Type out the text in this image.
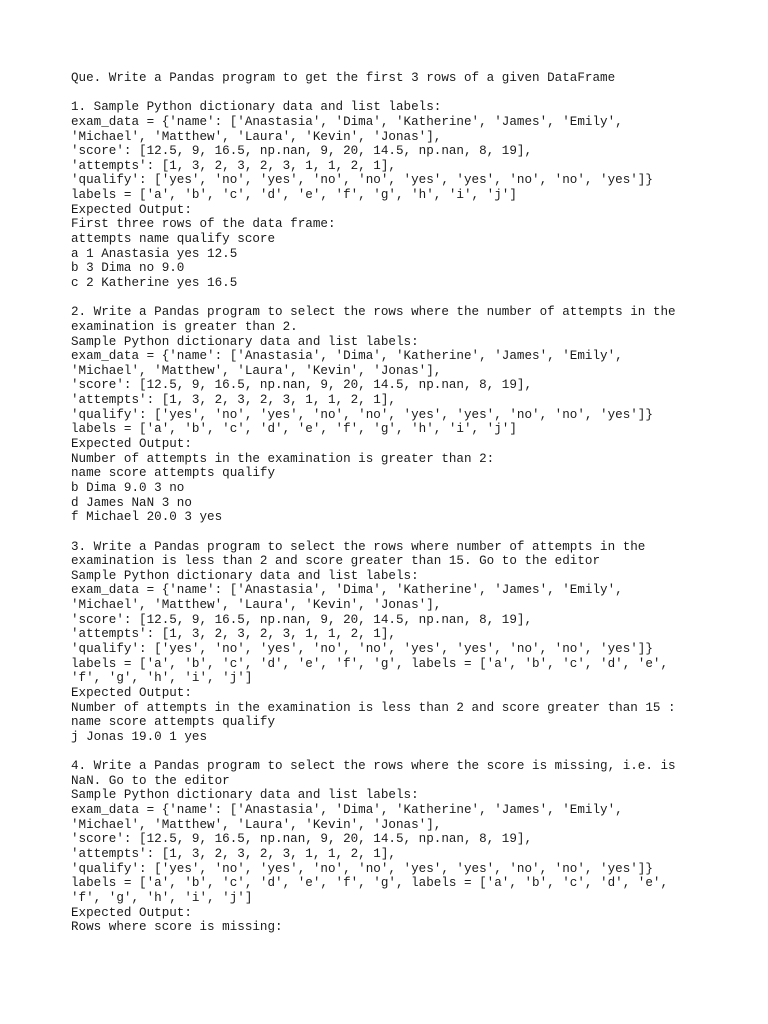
Que. Write a Pandas program to get the first 3 rows of a given DataFrame
1. Sample Python dictionary data and list labels:
exam_data = {'name': ['Anastasia', 'Dima', 'Katherine', 'James', 'Emily',
'Michael', 'Matthew', 'Laura', 'Kevin', 'Jonas'],
'score': [12.5, 9, 16.5, np.nan, 9, 20, 14.5, np.nan, 8, 19],
'attempts': [1, 3, 2, 3, 2, 3, 1, 1, 2, 1],
'qualify': ['yes', 'no', 'yes', 'no', 'no', 'yes', 'yes', 'no', 'no', 'yes']}
labels = ['a', 'b', 'c', 'd', 'e', 'f', 'g', 'h', 'i', 'j']
Expected Output:
First three rows of the data frame:
attempts name qualify score
a 1 Anastasia yes 12.5
b 3 Dima no 9.0
c 2 Katherine yes 16.5
2. Write a Pandas program to select the rows where the number of attempts in the
examination is greater than 2.
Sample Python dictionary data and list labels:
exam_data = {'name': ['Anastasia', 'Dima', 'Katherine', 'James', 'Emily',
'Michael', 'Matthew', 'Laura', 'Kevin', 'Jonas'],
'score': [12.5, 9, 16.5, np.nan, 9, 20, 14.5, np.nan, 8, 19],
'attempts': [1, 3, 2, 3, 2, 3, 1, 1, 2, 1],
'qualify': ['yes', 'no', 'yes', 'no', 'no', 'yes', 'yes', 'no', 'no', 'yes']}
labels = ['a', 'b', 'c', 'd', 'e', 'f', 'g', 'h', 'i', 'j']
Expected Output:
Number of attempts in the examination is greater than 2:
name score attempts qualify
b Dima 9.0 3 no
d James NaN 3 no
f Michael 20.0 3 yes
3. Write a Pandas program to select the rows where number of attempts in the
examination is less than 2 and score greater than 15. Go to the editor
Sample Python dictionary data and list labels:
exam_data = {'name': ['Anastasia', 'Dima', 'Katherine', 'James', 'Emily',
'Michael', 'Matthew', 'Laura', 'Kevin', 'Jonas'],
'score': [12.5, 9, 16.5, np.nan, 9, 20, 14.5, np.nan, 8, 19],
'attempts': [1, 3, 2, 3, 2, 3, 1, 1, 2, 1],
'qualify': ['yes', 'no', 'yes', 'no', 'no', 'yes', 'yes', 'no', 'no', 'yes']}
labels = ['a', 'b', 'c', 'd', 'e', 'f', 'g', labels = ['a', 'b', 'c', 'd', 'e',
'f', 'g', 'h', 'i', 'j']
Expected Output:
Number of attempts in the examination is less than 2 and score greater than 15 :
name score attempts qualify
j Jonas 19.0 1 yes
4. Write a Pandas program to select the rows where the score is missing, i.e. is
NaN. Go to the editor
Sample Python dictionary data and list labels:
exam_data = {'name': ['Anastasia', 'Dima', 'Katherine', 'James', 'Emily',
'Michael', 'Matthew', 'Laura', 'Kevin', 'Jonas'],
'score': [12.5, 9, 16.5, np.nan, 9, 20, 14.5, np.nan, 8, 19],
'attempts': [1, 3, 2, 3, 2, 3, 1, 1, 2, 1],
'qualify': ['yes', 'no', 'yes', 'no', 'no', 'yes', 'yes', 'no', 'no', 'yes']}
labels = ['a', 'b', 'c', 'd', 'e', 'f', 'g', labels = ['a', 'b', 'c', 'd', 'e',
'f', 'g', 'h', 'i', 'j']
Expected Output:
Rows where score is missing:
